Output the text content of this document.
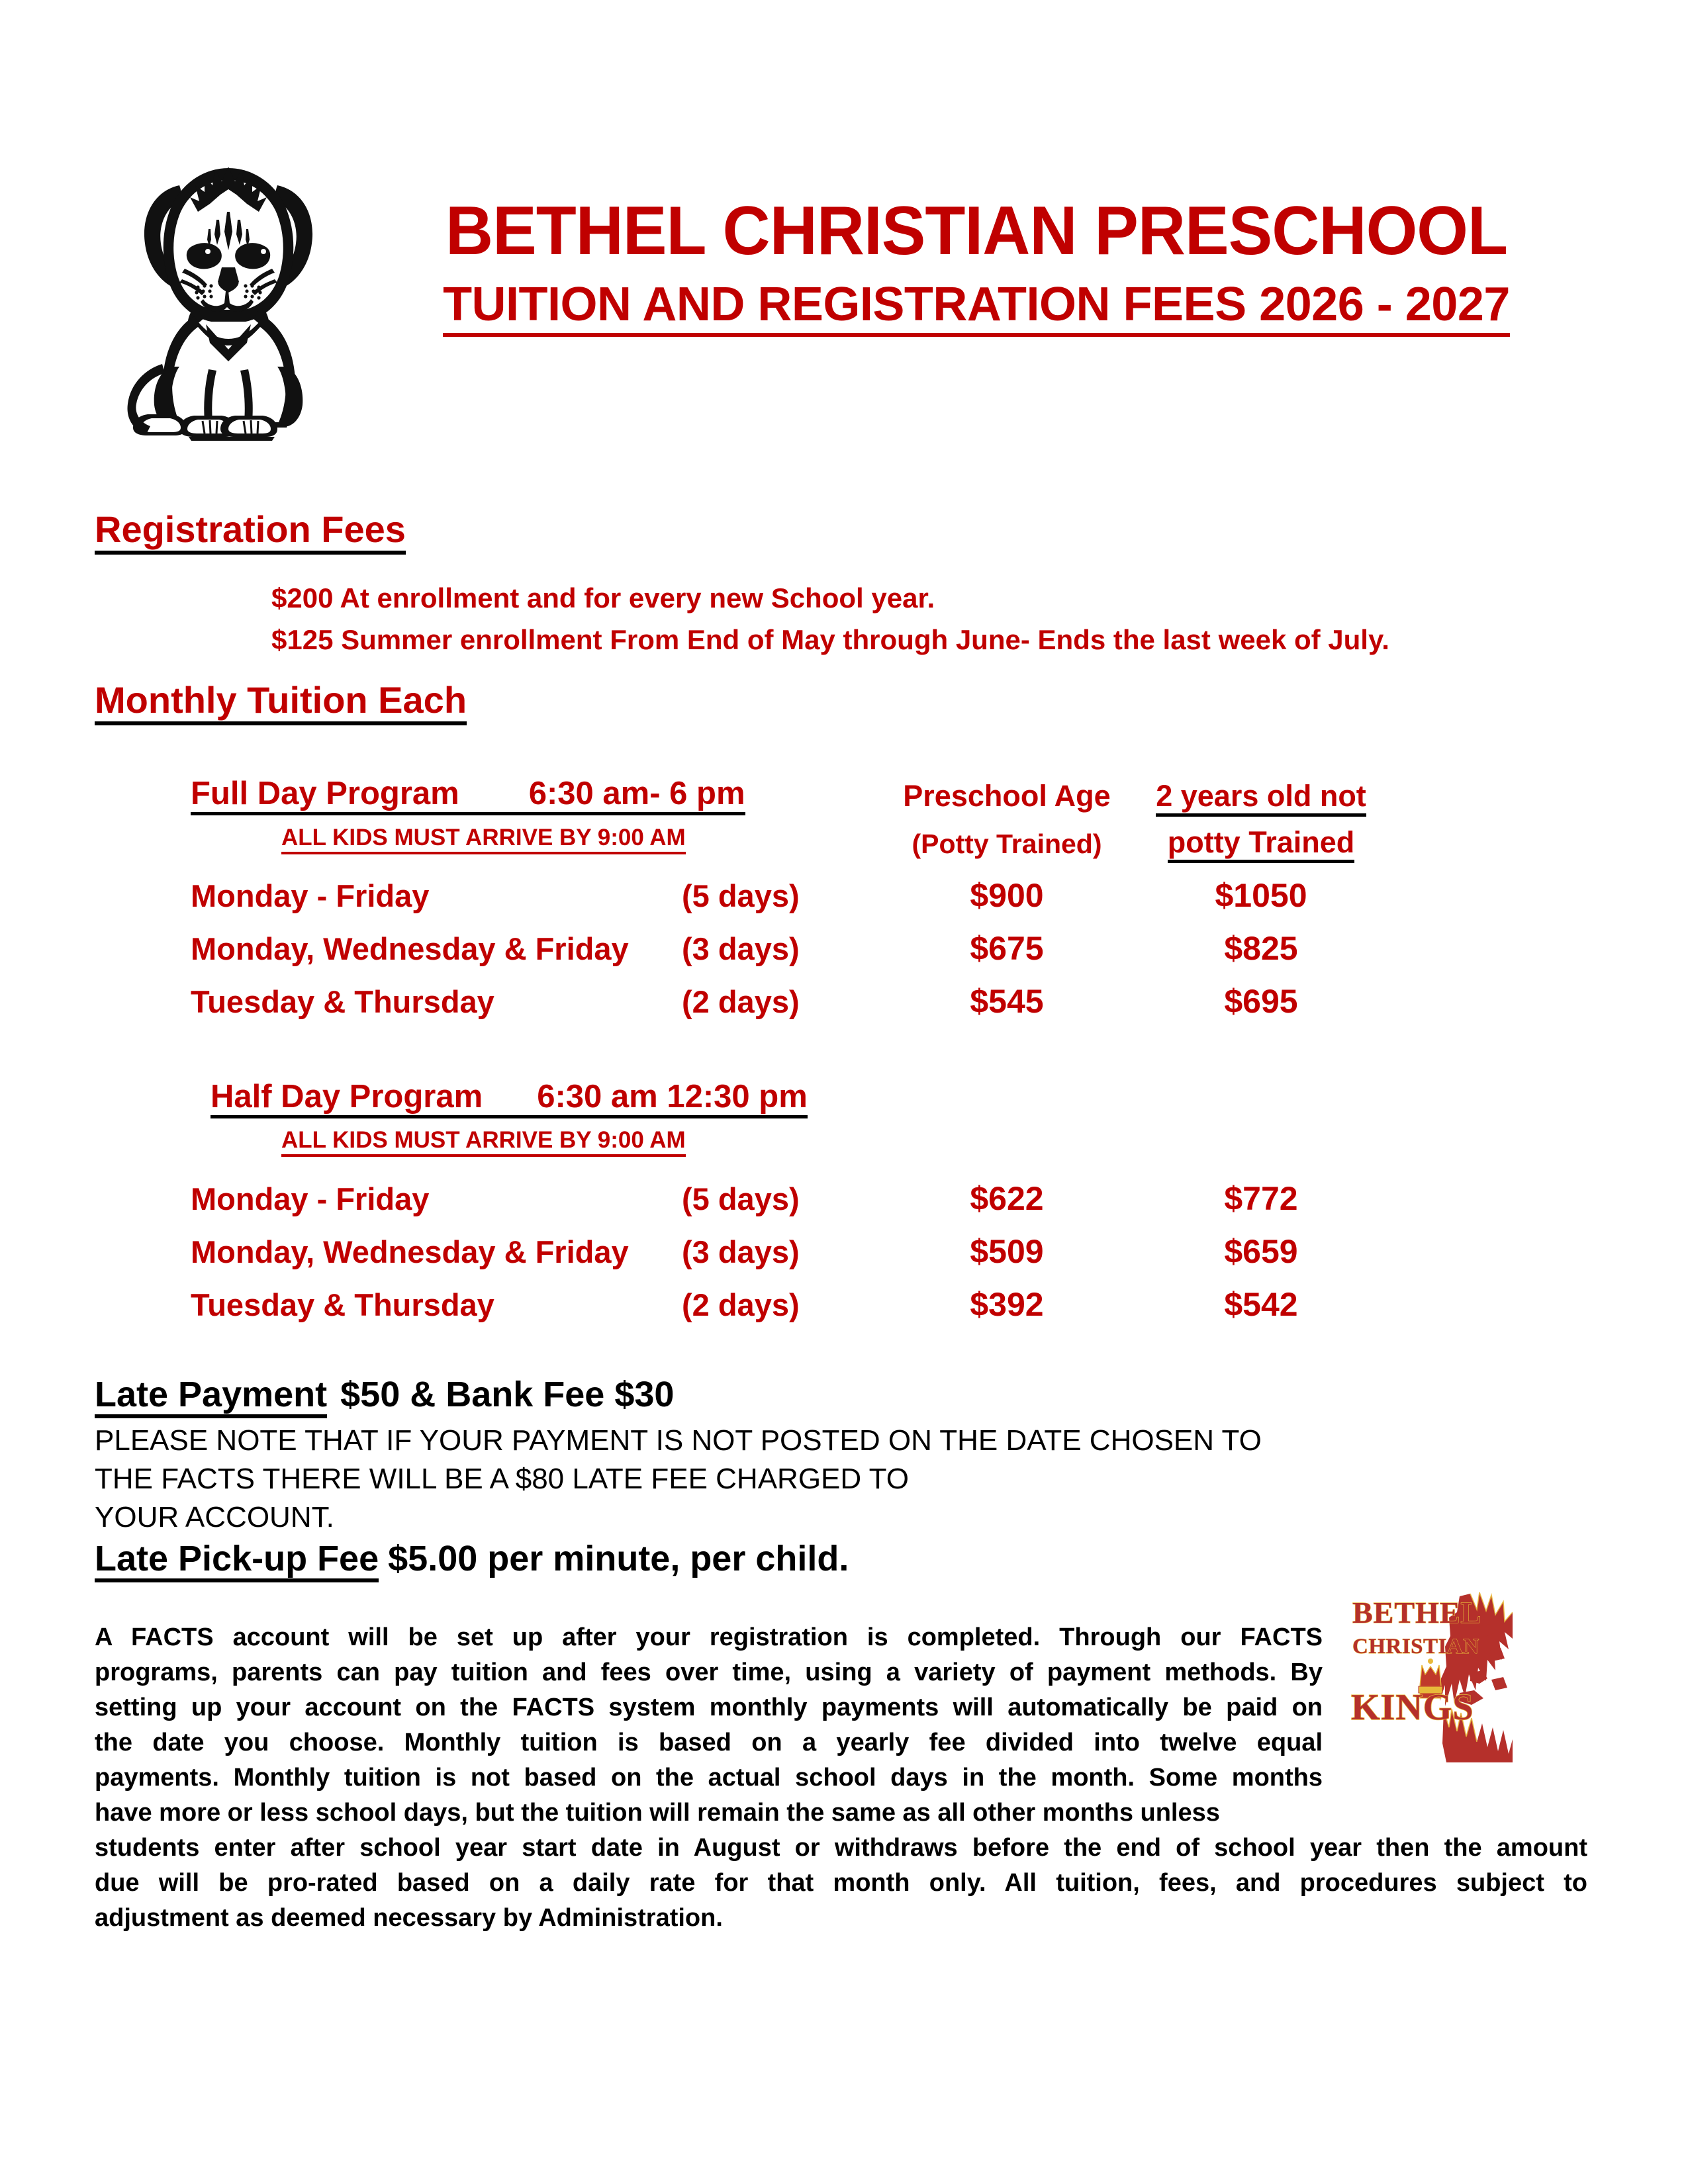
BETHEL CHRISTIAN PRESCHOOL
TUITION AND REGISTRATION FEES 2026 - 2027
Registration Fees
$200 At enrollment and for every new School year.
$125 Summer enrollment From End of May through June- Ends the last week of July.
Monthly Tuition Each
Full Day Program 6:30 am- 6 pm	Preschool Age	2 years old not
ALL KIDS MUST ARRIVE BY 9:00 AM	(Potty Trained)	potty Trained
Monday - Friday	(5 days)	$900	$1050
Monday, Wednesday & Friday (3 days)	$675	$825
Tuesday & Thursday	(2 days)	$545	$695
Half Day Program 6:30 am 12:30 pm
ALL KIDS MUST ARRIVE BY 9:00 AM
Monday - Friday	(5 days)	$622	$772
Monday, Wednesday & Friday (3 days)	$509	$659
Tuesday & Thursday	(2 days)	$392	$542
Late Payment $50 & Bank Fee $30
PLEASE NOTE THAT IF YOUR PAYMENT IS NOT POSTED ON THE DATE CHOSEN TO
THE FACTS THERE WILL BE A $80 LATE FEE CHARGED TO
YOUR ACCOUNT.
Late Pick-up Fee $5.00 per minute, per child.
BETHEL
CHRISTIAN
KINGS
A FACTS account will be set up after your registration is completed. Through our FACTS
programs, parents can pay tuition and fees over time, using a variety of payment methods. By
setting up your account on the FACTS system monthly payments will automatically be paid on
the date you choose. Monthly tuition is based on a yearly fee divided into twelve equal
payments. Monthly tuition is not based on the actual school days in the month. Some months
have more or less school days, but the tuition will remain the same as all other months unless
students enter after school year start date in August or withdraws before the end of school year then the amount
due will be pro-rated based on a daily rate for that month only. All tuition, fees, and procedures subject to
adjustment as deemed necessary by Administration.
